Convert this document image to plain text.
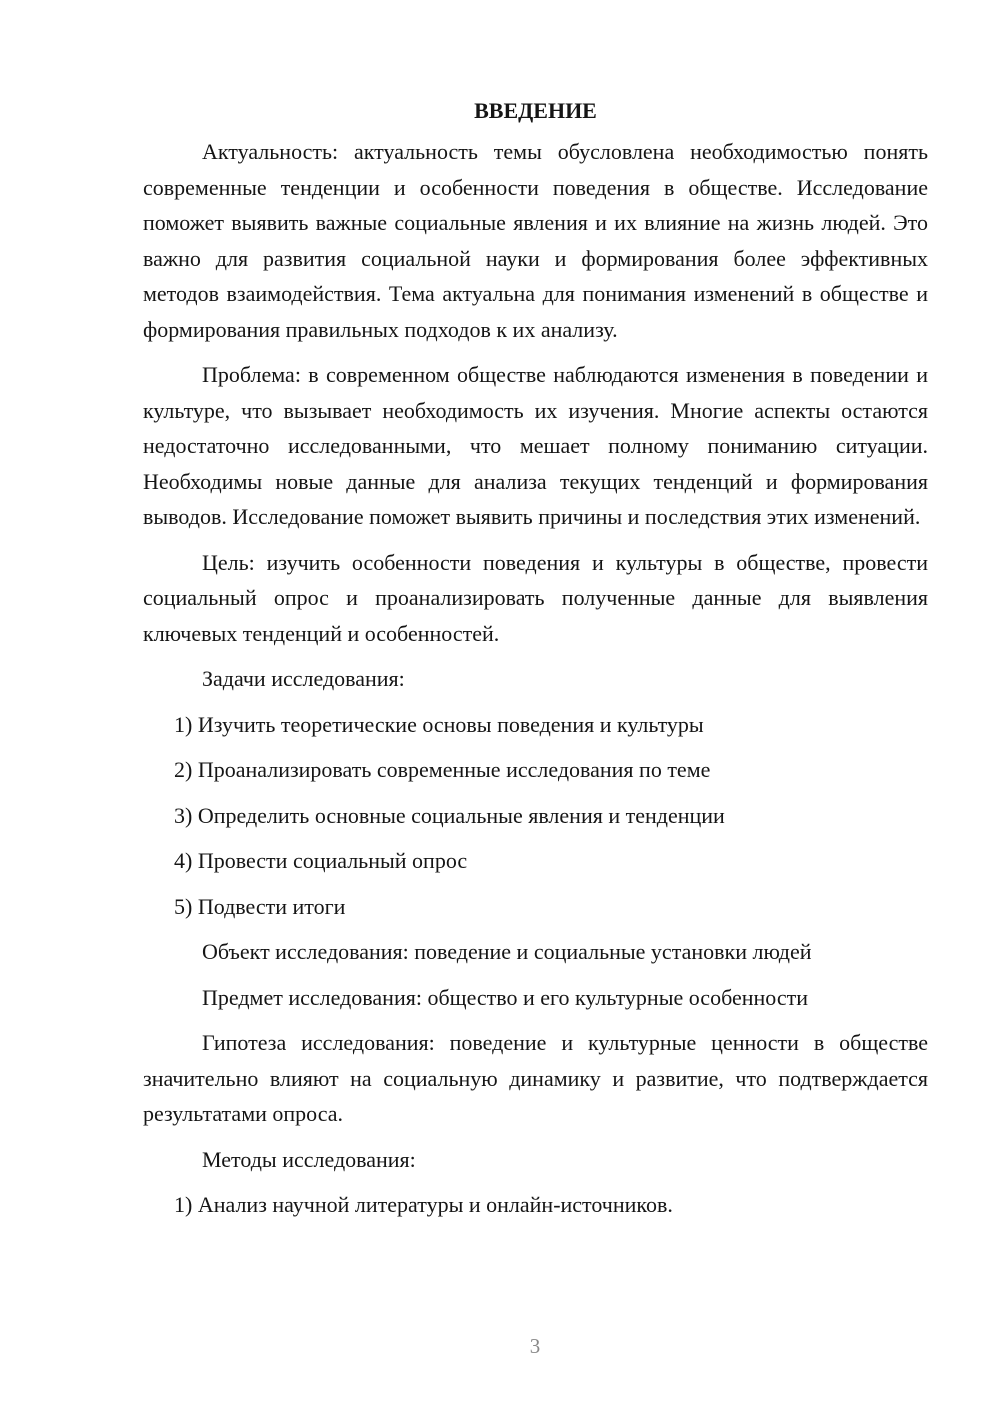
ВВЕДЕНИЕ

Актуальность: актуальность темы обусловлена необходимостью понять современные тенденции и особенности поведения в обществе. Исследование поможет выявить важные социальные явления и их влияние на жизнь людей. Это важно для развития социальной науки и формирования более эффективных методов взаимодействия. Тема актуальна для понимания изменений в обществе и формирования правильных подходов к их анализу.

Проблема: в современном обществе наблюдаются изменения в поведении и культуре, что вызывает необходимость их изучения. Многие аспекты остаются недостаточно исследованными, что мешает полному пониманию ситуации. Необходимы новые данные для анализа текущих тенденций и формирования выводов. Исследование поможет выявить причины и последствия этих изменений.

Цель: изучить особенности поведения и культуры в обществе, провести социальный опрос и проанализировать полученные данные для выявления ключевых тенденций и особенностей.

Задачи исследования:

1) Изучить теоретические основы поведения и культуры
2) Проанализировать современные исследования по теме
3) Определить основные социальные явления и тенденции
4) Провести социальный опрос
5) Подвести итоги

Объект исследования: поведение и социальные установки людей

Предмет исследования: общество и его культурные особенности

Гипотеза исследования: поведение и культурные ценности в обществе значительно влияют на социальную динамику и развитие, что подтверждается результатами опроса.

Методы исследования:

1) Анализ научной литературы и онлайн-источников.
3
